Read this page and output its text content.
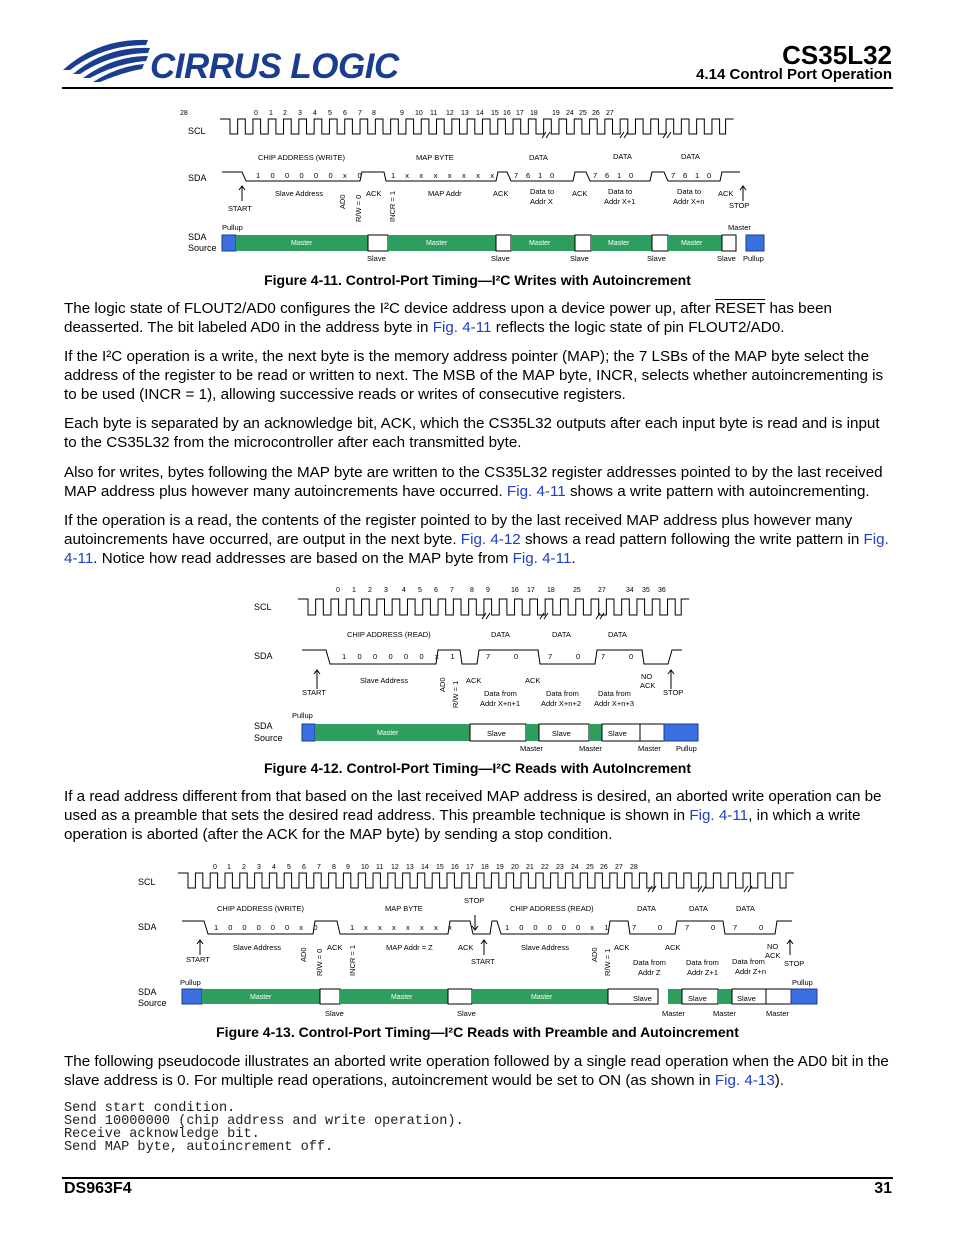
CIRRUS LOGIC	CS35L32
4.14 Control Port Operation
SCL
SDA
SDA
Source
0 1 2 3 4 5 6 7 8	9 10 11 12 13 14 15 16 17 18 19 24 25 26 27
28
CHIP ADDRESS (WRITE)	MAP BYTE	DATA	DATA	DATA
1 0 0 0 0 0 x 0	1 x x x x x x x	7 6 1 0	7 6 1 0	7 6 1 0
START	STOP
Slave Address
AD0 R/W = 0
ACK INCR = 1	MAP Addr	ACK	Data to
Addr X
ACK	Data to
Addr X+1
Data to
Addr X+n
ACK
Master	Master	Master	Master	Master
Pullup	Master
Slave	Slave	Slave	Slave	Slave Pullup
Figure 4-11. Control-Port Timing—I²C Writes with Autoincrement
The logic state of FLOUT2/AD0 configures the I²C device address upon a device power up, after RESET has been deasserted. The bit labeled AD0 in the address byte in Fig. 4-11 reflects the logic state of pin FLOUT2/AD0.
If the I²C operation is a write, the next byte is the memory address pointer (MAP); the 7 LSBs of the MAP byte select the address of the register to be read or written to next. The MSB of the MAP byte, INCR, selects whether autoincrementing is to be used (INCR = 1), allowing successive reads or writes of consecutive registers.
Each byte is separated by an acknowledge bit, ACK, which the CS35L32 outputs after each input byte is read and is input to the CS35L32 from the microcontroller after each transmitted byte.
Also for writes, bytes following the MAP byte are written to the CS35L32 register addresses pointed to by the last received MAP address plus however many autoincrements have occurred. Fig. 4-11 shows a write pattern with autoincrementing.
If the operation is a read, the contents of the register pointed to by the last received MAP address plus however many autoincrements have occurred, are output in the next byte. Fig. 4-12 shows a read pattern following the write pattern in Fig. 4-11. Notice how read addresses are based on the MAP byte from Fig. 4-11.
SCL
SDA
SDA
Source
0 1 2 3 4 5 6 7 8 9	16 17 18	25 27	34 35 36
CHIP ADDRESS (READ)	DATA	DATA	DATA
1 0 0 0 0 0 x 1	7	0	7	0	7	0
START	STOP
Slave Address	AD0 R/W = 1
ACK	ACK
Data from
Addr X+n+1
Data from
Addr X+n+2
Data from
Addr X+n+3
NO
ACK
Master	Slave	Slave	Slave
Pullup
Master	Master	Master Pullup
Figure 4-12. Control-Port Timing—I²C Reads with AutoIncrement
If a read address different from that based on the last received MAP address is desired, an aborted write operation can be used as a preamble that sets the desired read address. This preamble technique is shown in Fig. 4-11, in which a write operation is aborted (after the ACK for the MAP byte) by sending a stop condition.
SCL
SDA
SDA
Source
0 1 2 3 4 5 6 7 8 9 10 11 12 13 14 15 16 17 18 19 20 21 22 23 24 25 26 27 28
CHIP ADDRESS (WRITE)	MAP BYTE
STOP
CHIP ADDRESS (READ)	DATA	DATA	DATA
1 0 0 0 0 0 x 0	1 x x x x x x x	1 0 0 0 0 0 x 1	7	0	7	0 7	0
START	START	STOP
Slave Address AD0 R/W = 0
ACK INCR = 1	MAP Addr = Z	ACK	Slave Address	AD0 R/W = 1
ACK	ACK
Data from
Addr Z
Data from
Addr Z+1
Data from
Addr Z+n
NO
ACK
Master	Master	Master	Slave	Slave	Slave
Pullup	Pullup
Slave	Slave	Master	Master	Master
Figure 4-13. Control-Port Timing—I²C Reads with Preamble and Autoincrement
The following pseudocode illustrates an aborted write operation followed by a single read operation when the AD0 bit in the slave address is 0. For multiple read operations, autoincrement would be set to ON (as shown in Fig. 4-13).
Send start condition.
Send 10000000 (chip address and write operation).
Receive acknowledge bit.
Send MAP byte, autoincrement off.
DS963F4	31
